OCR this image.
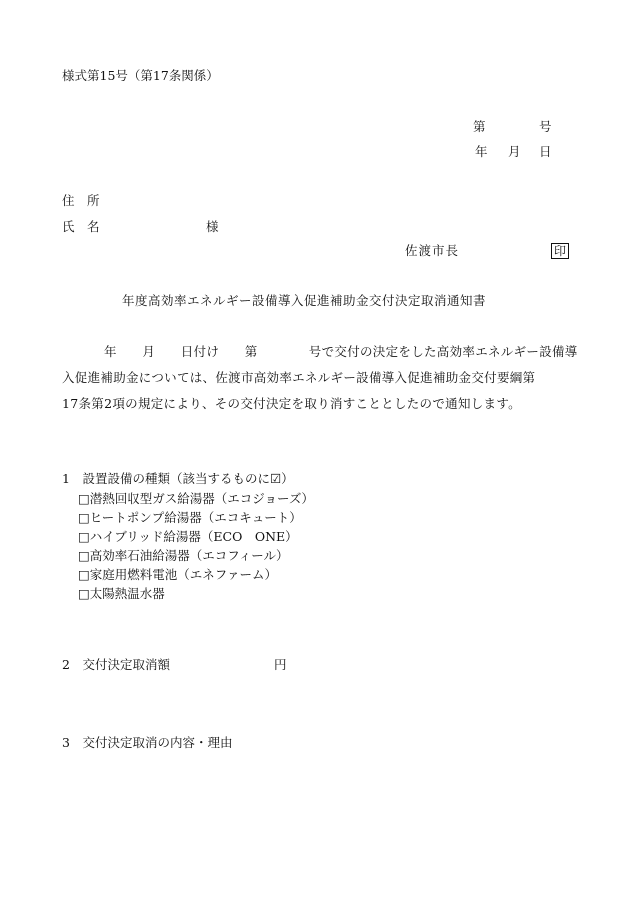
様式第15号（第17条関係）
第	号
年 月 日
住　所
氏　名	様
佐渡市長	印
年度高効率エネルギー設備導入促進補助金交付決定取消通知書
年　　月　　日付け　　第　　　　号で交付の決定をした高効率エネルギー設備導
入促進補助金については、佐渡市高効率エネルギー設備導入促進補助金交付要綱第
17条第2項の規定により、その交付決定を取り消すこととしたので通知します。
1　設置設備の種類（該当するものに☑）
□潜熱回収型ガス給湯器（エコジョーズ）
□ヒートポンプ給湯器（エコキュート）
□ハイブリッド給湯器（ECO　ONE）
□高効率石油給湯器（エコフィール）
□家庭用燃料電池（エネファーム）
□太陽熱温水器
2　交付決定取消額	円
3　交付決定取消の内容・理由
